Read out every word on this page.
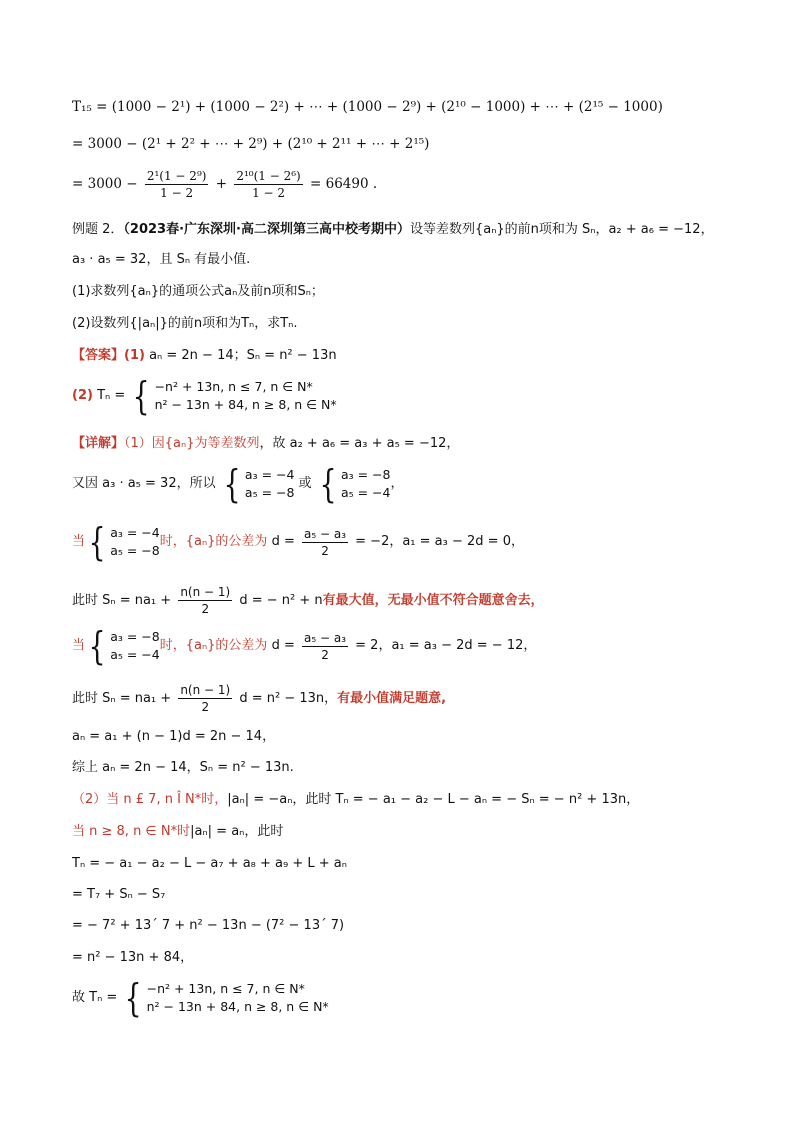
T₁₅ = (1000 − 2¹) + (1000 − 2²) + ⋯ + (1000 − 2⁹) + (2¹⁰ − 1000) + ⋯ + (2¹⁵ − 1000)
= 3000 − (2¹ + 2² + ⋯ + 2⁹) + (2¹⁰ + 2¹¹ + ⋯ + 2¹⁵)
= $3000 - \frac{\text{2¹(1 − 2⁹)}}{1 - 2} + \frac{\text{2¹⁰(1 − 2⁶)}}{1 - 2} = 66490$ .
例题 2．（2023春·广东深圳·高二深圳第三高中校考期中）设等差数列{aₙ}的前n项和为 Sₙ，a₂ + a₆ = −12，
a₃ · a₅ = 32，且 Sₙ 有最小值.
(1)求数列{aₙ}的通项公式aₙ及前n项和Sₙ；
(2)设数列{|aₙ|}的前n项和为Tₙ，求Tₙ.
【答案】(1) aₙ = 2n − 14；Sₙ = n² − 13n
(2) Tₙ = { −n² + 13n, n ≤ 7, n ∈ N*
n² − 13n + 84, n ≥ 8, n ∈ N*
【详解】（1）因{aₙ}为等差数列，故 a₂ + a₆ = a₃ + a₅ = −12，
又因 a₃ · a₅ = 32，所以 { a₃ = −4
a₅ = −8
或 { a₃ = −8
a₅ = −4
，
当{ a₃ = −4
a₅ = −8
时，{aₙ}的公差为 $d = \frac{\text{a₅ − a₃}}{2} = -2$，a₁ = a₃ − 2d = 0，
此时 $S_n = na_1 + \frac{n(n - 1)}{2}$ d = − n² + n有最大值，无最小值不符合题意舍去，
当{ a₃ = −8
a₅ = −4
时，{aₙ}的公差为 $d = \frac{\text{a₅ − a₃}}{2} = 2$，a₁ = a₃ − 2d = − 12，
此时 $S_n = na_1 + \frac{n(n - 1)}{2}$ d = n² − 13n，有最小值满足题意,
aₙ = a₁ + (n − 1)d = 2n − 14，
综上 aₙ = 2n − 14，Sₙ = n² − 13n.
（2）当 n £ 7, n Î N*时，|aₙ| = −aₙ，此时 Tₙ = − a₁ − a₂ − L − aₙ = − Sₙ = − n² + 13n，
当 n ≥ 8, n ∈ N*时|aₙ| = aₙ，此时
Tₙ = − a₁ − a₂ − L − a₇ + a₈ + a₉ + L + aₙ
= T₇ + Sₙ − S₇
= − 7² + 13´ 7 + n² − 13n − (7² − 13´ 7)
= n² − 13n + 84，
故 Tₙ = { −n² + 13n, n ≤ 7, n ∈ N*
n² − 13n + 84, n ≥ 8, n ∈ N*
